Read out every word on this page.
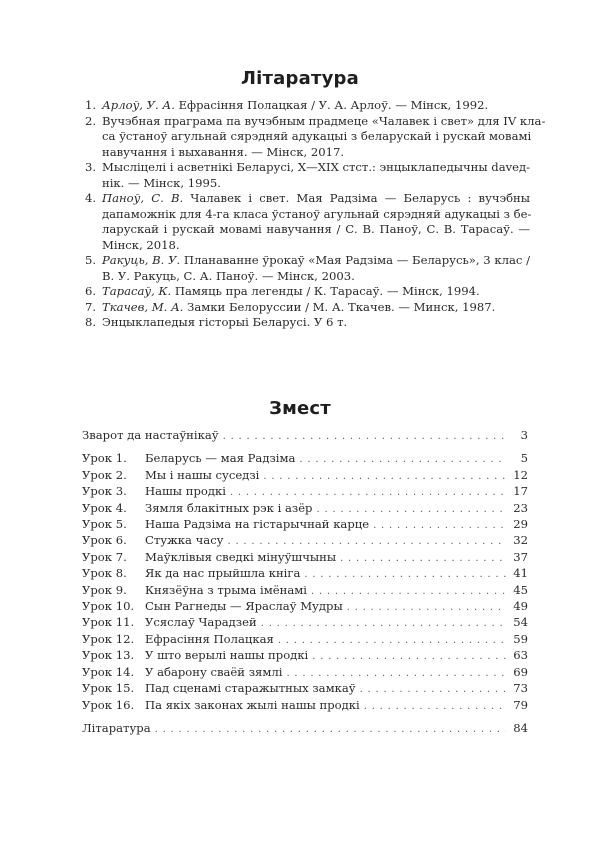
Літаратура
1. Арлоў, У. А. Ефрасіння Полацкая / У. А. Арлоў. — Мінск, 1992.
2. Вучэбная праграма па вучэбным прадмеце «Чалавек і свет» для IV кла-
са ўстаноў агульнай сярэдняй адукацыі з беларускай і рускай мовамі
навучання і выхавання. — Мінск, 2017.
3. Мысліцелі і асветнікі Беларусі, X—XIX стст.: энцыклапедычны davед-
нік. — Мінск, 1995.
4. Паноў, С. В. Чалавек і свет. Мая Радзіма — Беларусь : вучэбны
дапаможнік для 4-га класа ўстаноў агульнай сярэдняй адукацыі з бе-
ларускай і рускай мовамі навучання / С. В. Паноў, С. В. Тарасаў. —
Мінск, 2018.
5. Ракуць, В. У. Планаванне ўрокаў «Мая Радзіма — Беларусь», 3 клас /
В. У. Ракуць, С. А. Паноў. — Мінск, 2003.
6. Тарасаў, К. Памяць пра легенды / К. Тарасаў. — Мінск, 1994.
7. Ткачев, М. А. Замки Белоруссии / М. А. Ткачев. — Минск, 1987.
8. Энцыклапедыя гісторыі Беларусі. У 6 т.
Змест
Зварот да настаўнікаў . . .	3
Урок 1. Беларусь — мая Радзіма . . .	5
Урок 2. Мы і нашы суседзі . . .	12
Урок 3. Нашы продкі . . .	17
Урок 4. Зямля блакітных рэк і азёр . . .	23
Урок 5. Наша Радзіма на гістарычнай карце . . .	29
Урок 6. Стужка часу . . .	32
Урок 7. Маўклівыя сведкі мінуўшчыны . . .	37
Урок 8. Як да нас прыйшла кніга . . .	41
Урок 9. Князёўна з трыма імёнамі . . .	45
Урок 10. Сын Рагнеды — Яраслаў Мудры . . .	49
Урок 11. Усяслаў Чарадзей . . .	54
Урок 12. Ефрасіння Полацкая . . .	59
Урок 13. У што верылі нашы продкі . . .	63
Урок 14. У абарону сваёй зямлі . . .	69
Урок 15. Пад сценамі старажытных замкаў . . .	73
Урок 16. Па якіх законах жылі нашы продкі . . .	79
Літаратура . . .	84
